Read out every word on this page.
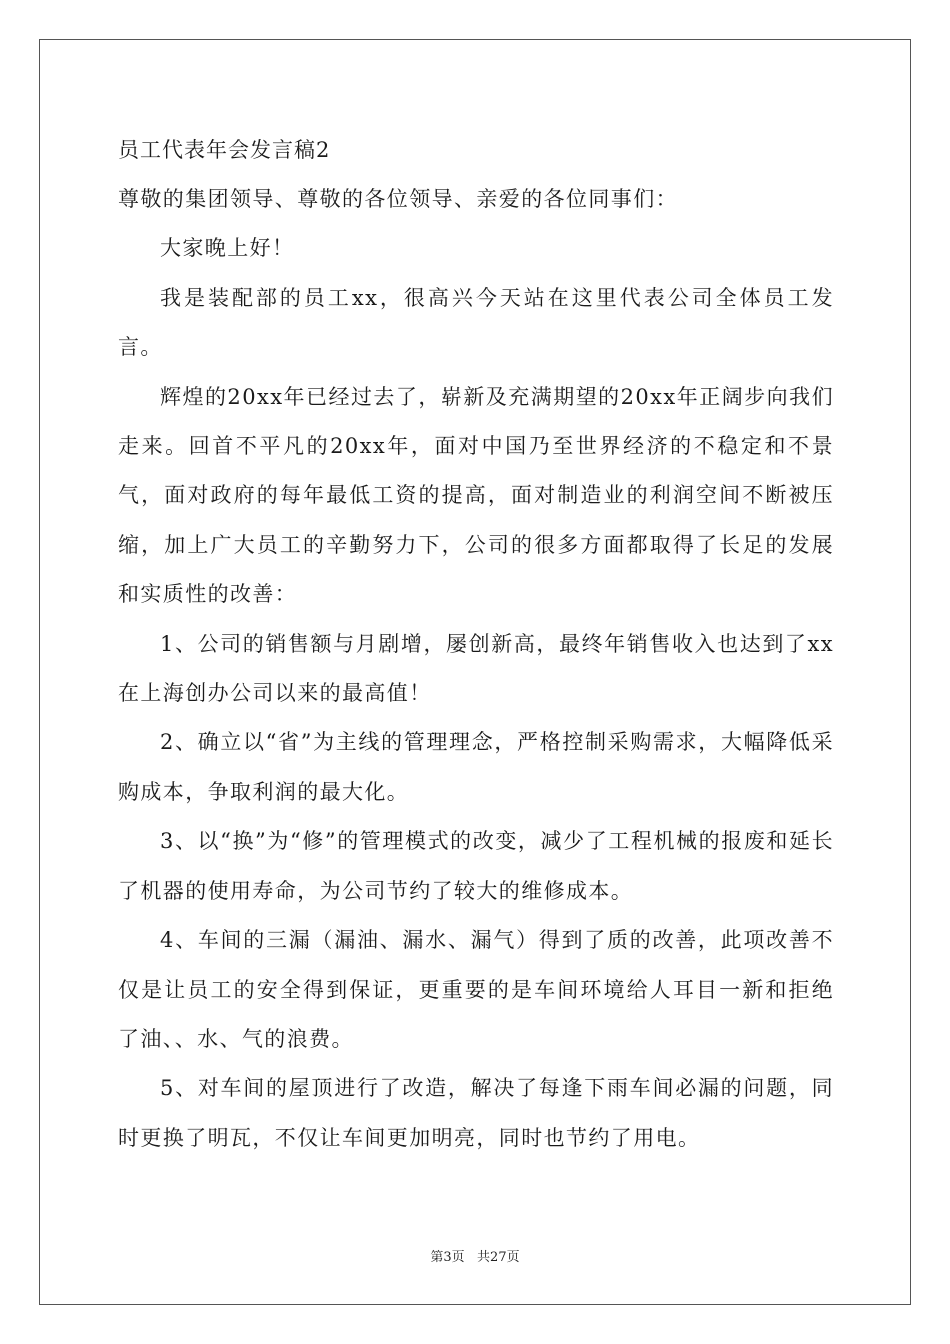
员工代表年会发言稿2

尊敬的集团领导、尊敬的各位领导、亲爱的各位同事们：

大家晚上好！

我是装配部的员工xx，很高兴今天站在这里代表公司全体员工发言。

辉煌的20xx年已经过去了，崭新及充满期望的20xx年正阔步向我们走来。回首不平凡的20xx年，面对中国乃至世界经济的不稳定和不景气，面对政府的每年最低工资的提高，面对制造业的利润空间不断被压缩，加上广大员工的辛勤努力下，公司的很多方面都取得了长足的发展和实质性的改善：

1、公司的销售额与月剧增，屡创新高，最终年销售收入也达到了xx在上海创办公司以来的最高值！

2、确立以“省”为主线的管理理念，严格控制采购需求，大幅降低采购成本，争取利润的最大化。

3、以“换”为“修”的管理模式的改变，减少了工程机械的报废和延长了机器的使用寿命，为公司节约了较大的维修成本。

4、车间的三漏（漏油、漏水、漏气）得到了质的改善，此项改善不仅是让员工的安全得到保证，更重要的是车间环境给人耳目一新和拒绝了油、、水、气的浪费。

5、对车间的屋顶进行了改造，解决了每逢下雨车间必漏的问题，同时更换了明瓦，不仅让车间更加明亮，同时也节约了用电。

第3页   共27页
